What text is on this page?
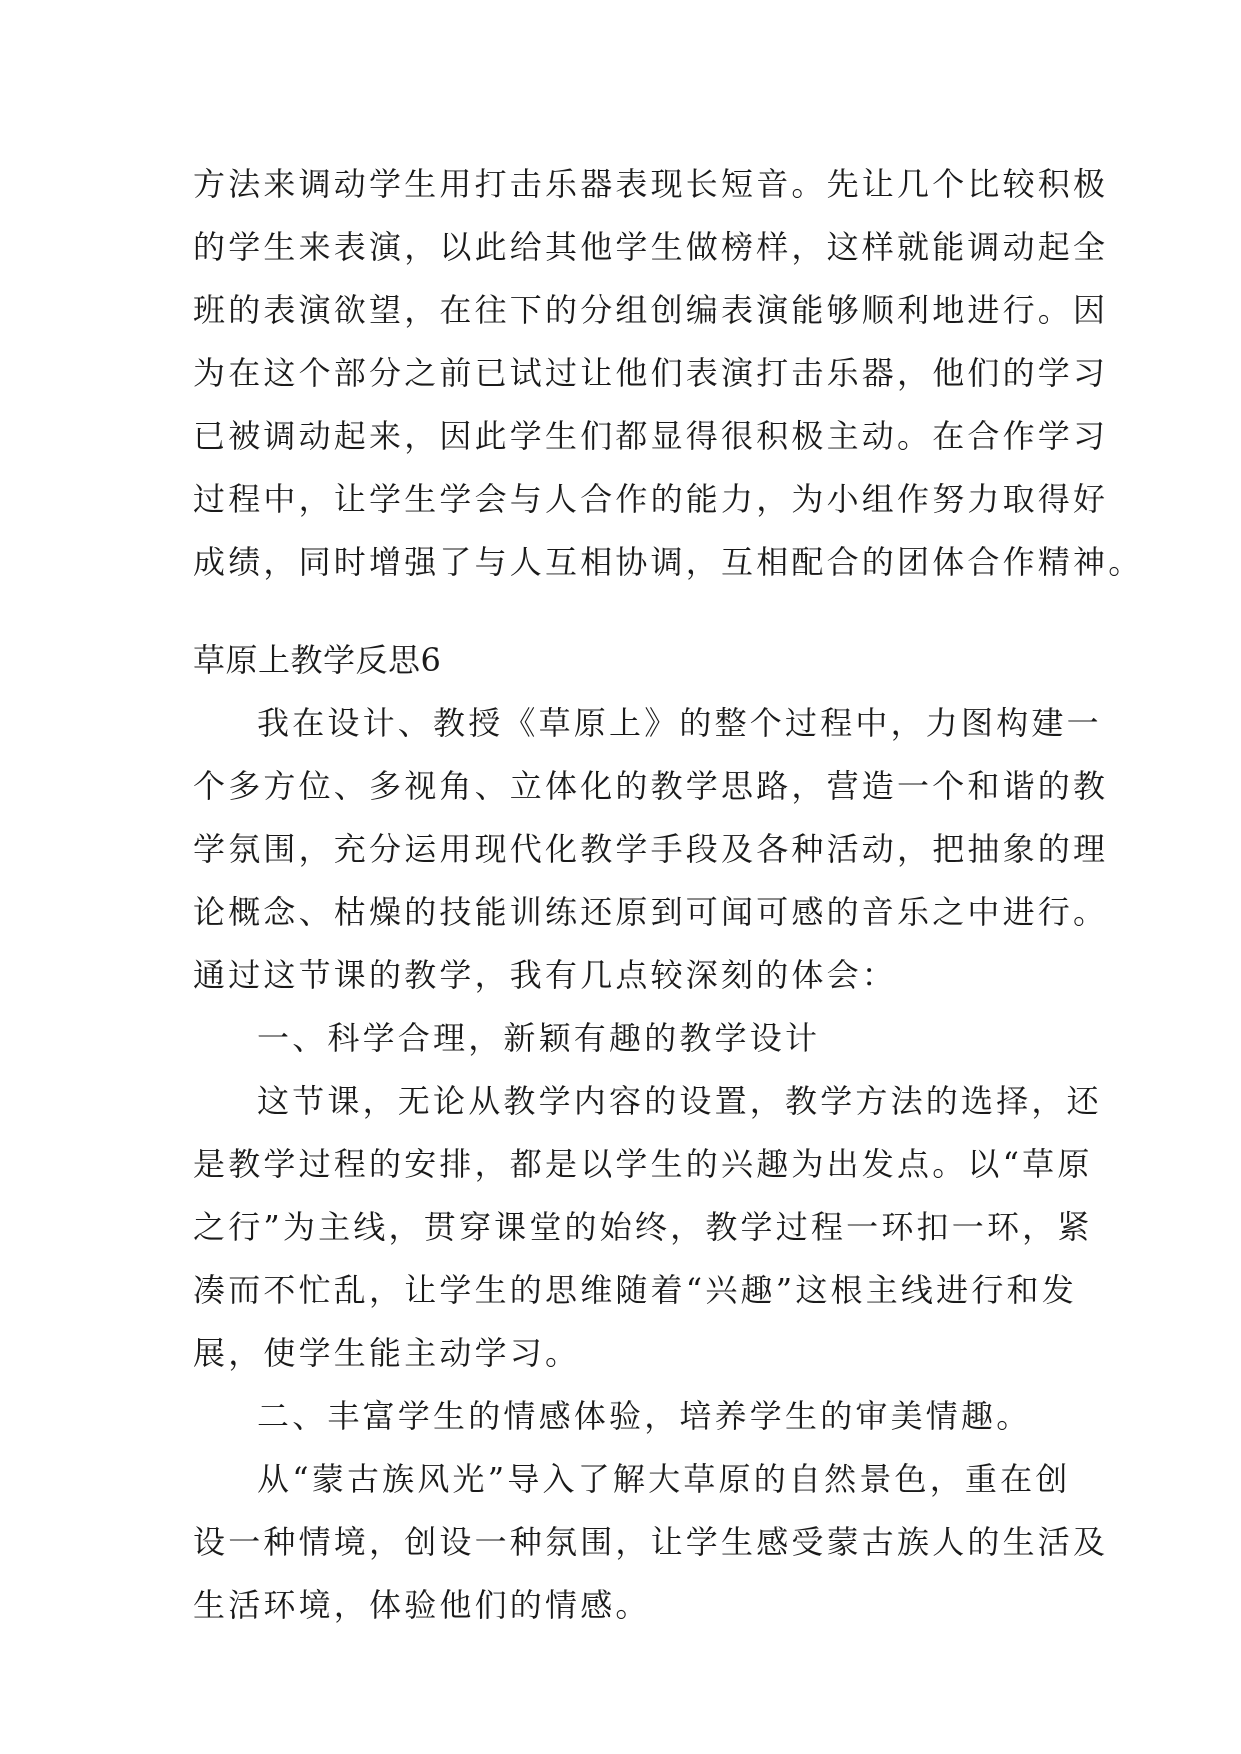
方法来调动学生用打击乐器表现长短音。先让几个比较积极
的学生来表演，以此给其他学生做榜样，这样就能调动起全
班的表演欲望，在往下的分组创编表演能够顺利地进行。因
为在这个部分之前已试过让他们表演打击乐器，他们的学习
已被调动起来，因此学生们都显得很积极主动。在合作学习
过程中，让学生学会与人合作的能力，为小组作努力取得好
成绩，同时增强了与人互相协调，互相配合的团体合作精神。
草原上教学反思6
我在设计、教授《草原上》的整个过程中，力图构建一
个多方位、多视角、立体化的教学思路，营造一个和谐的教
学氛围，充分运用现代化教学手段及各种活动，把抽象的理
论概念、枯燥的技能训练还原到可闻可感的音乐之中进行。
通过这节课的教学，我有几点较深刻的体会：
一、科学合理，新颖有趣的教学设计
这节课，无论从教学内容的设置，教学方法的选择，还
是教学过程的安排，都是以学生的兴趣为出发点。以“草原
之行”为主线，贯穿课堂的始终，教学过程一环扣一环，紧
凑而不忙乱，让学生的思维随着“兴趣”这根主线进行和发
展，使学生能主动学习。
二、丰富学生的情感体验，培养学生的审美情趣。
从“蒙古族风光”导入了解大草原的自然景色，重在创
设一种情境，创设一种氛围，让学生感受蒙古族人的生活及
生活环境，体验他们的情感。
